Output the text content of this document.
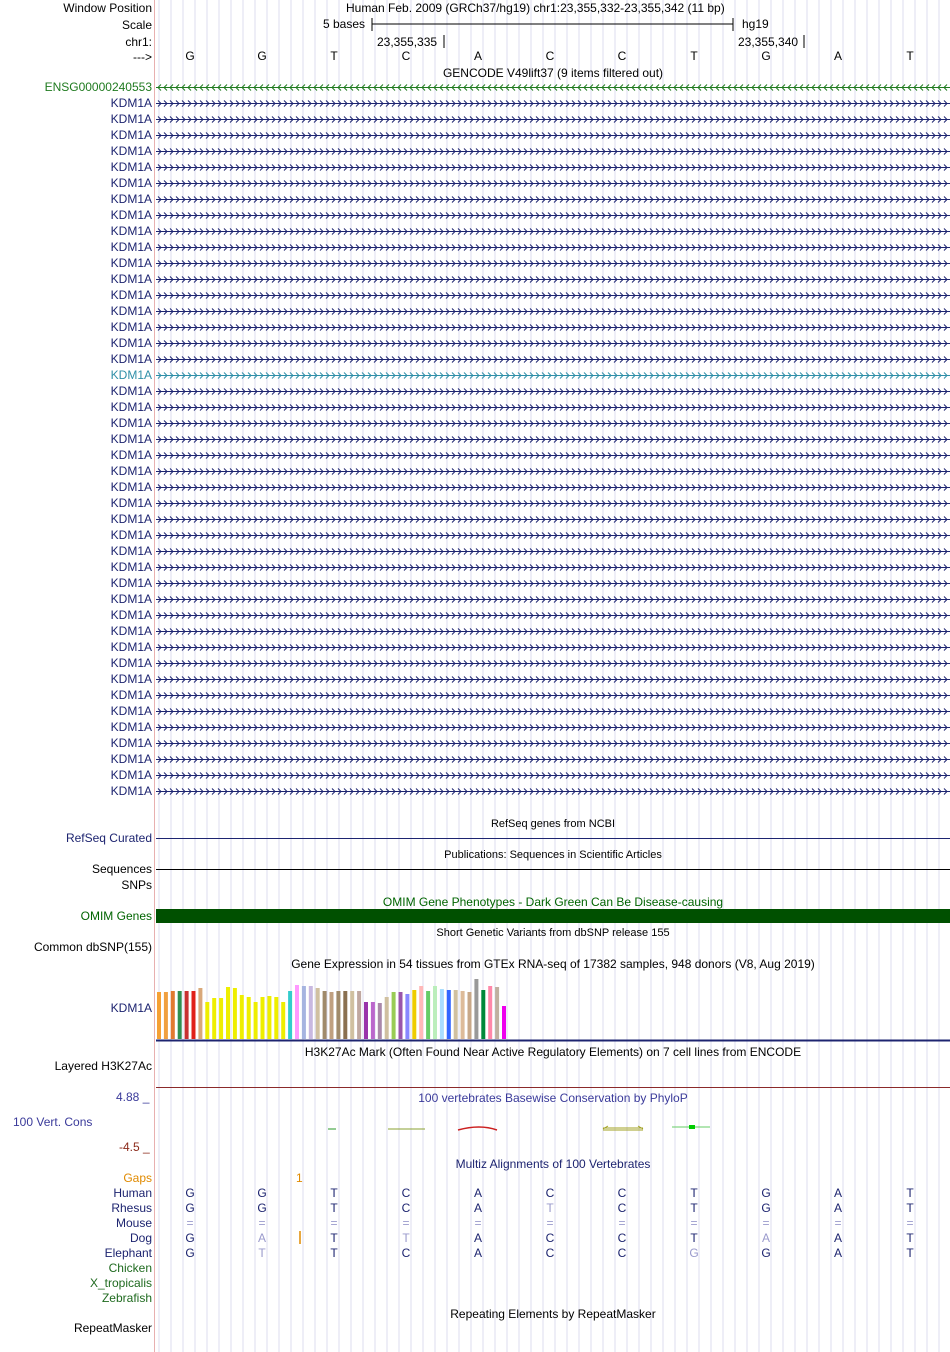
Window Position	Human Feb. 2009 (GRCh37/hg19) chr1:23,355,332-23,355,342 (11 bp)
Scale	5 bases	hg19
chr1:	23,355,335	23,355,340
--->	G	G	T	C	A	C	C	T	G	A	T
GENCODE V49lift37 (9 items filtered out)
ENSG00000240553
KDM1A
KDM1A
KDM1A
KDM1A
KDM1A
KDM1A
KDM1A
KDM1A
KDM1A
KDM1A
KDM1A
KDM1A
KDM1A
KDM1A
KDM1A
KDM1A
KDM1A
KDM1A
KDM1A
KDM1A
KDM1A
KDM1A
KDM1A
KDM1A
KDM1A
KDM1A
KDM1A
KDM1A
KDM1A
KDM1A
KDM1A
KDM1A
KDM1A
KDM1A
KDM1A
KDM1A
KDM1A
KDM1A
KDM1A
KDM1A
KDM1A
KDM1A
KDM1A
KDM1A
RefSeq genes from NCBI
RefSeq Curated
Publications: Sequences in Scientific Articles
Sequences
SNPs
OMIM Gene Phenotypes - Dark Green Can Be Disease-causing
OMIM Genes
Short Genetic Variants from dbSNP release 155
Common dbSNP(155)
Gene Expression in 54 tissues from GTEx RNA-seq of 17382 samples, 948 donors (V8, Aug 2019)
KDM1A
H3K27Ac Mark (Often Found Near Active Regulatory Elements) on 7 cell lines from ENCODE
Layered H3K27Ac
100 vertebrates Basewise Conservation by PhyloP
4.88 _
100 Vert. Cons
-4.5 _
Multiz Alignments of 100 Vertebrates
Gaps	1
Human	G	G	T	C	A	C	C	T	G	A	T
Rhesus	G	G	T	C	A	T	C	T	G	A	T
Mouse	=	=	=	=	=	=	=	=	=	=	=
Dog	G	A	T	T	A	C	C	T	A	A	T
Elephant	G	T	T	C	A	C	C	G	G	A	T
Chicken
X_tropicalis
Zebrafish
Repeating Elements by RepeatMasker
RepeatMasker
